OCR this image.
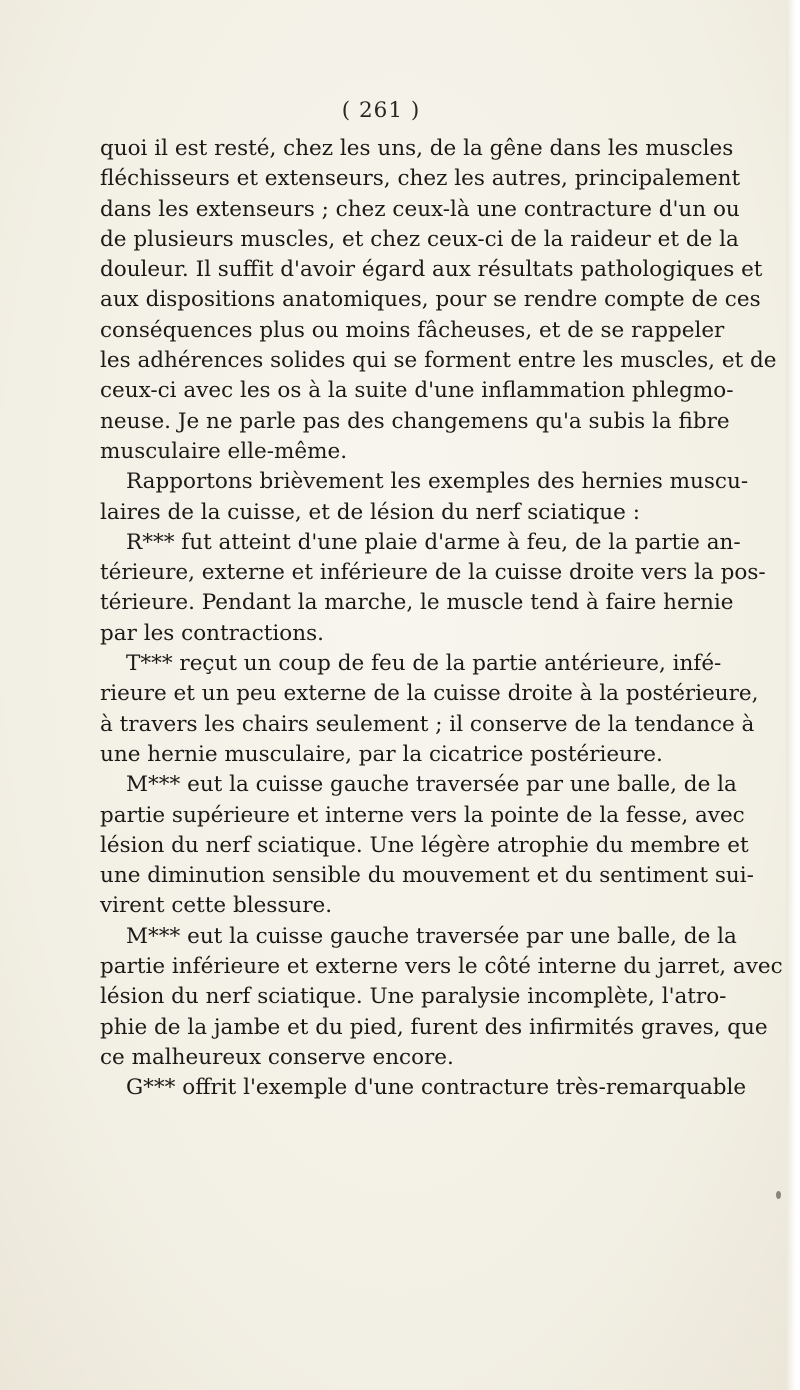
( 261 )
quoi il est resté, chez les uns, de la gêne dans les muscles
fléchisseurs et extenseurs, chez les autres, principalement
dans les extenseurs ; chez ceux-là une contracture d'un ou
de plusieurs muscles, et chez ceux-ci de la raideur et de la
douleur. Il suffit d'avoir égard aux résultats pathologiques et
aux dispositions anatomiques, pour se rendre compte de ces
conséquences plus ou moins fâcheuses, et de se rappeler
les adhérences solides qui se forment entre les muscles, et de
ceux-ci avec les os à la suite d'une inflammation phlegmo-
neuse. Je ne parle pas des changemens qu'a subis la fibre
musculaire elle-même.
Rapportons brièvement les exemples des hernies muscu-
laires de la cuisse, et de lésion du nerf sciatique :
R*** fut atteint d'une plaie d'arme à feu, de la partie an-
térieure, externe et inférieure de la cuisse droite vers la pos-
térieure. Pendant la marche, le muscle tend à faire hernie
par les contractions.
T*** reçut un coup de feu de la partie antérieure, infé-
rieure et un peu externe de la cuisse droite à la postérieure,
à travers les chairs seulement ; il conserve de la tendance à
une hernie musculaire, par la cicatrice postérieure.
M*** eut la cuisse gauche traversée par une balle, de la
partie supérieure et interne vers la pointe de la fesse, avec
lésion du nerf sciatique. Une légère atrophie du membre et
une diminution sensible du mouvement et du sentiment sui-
virent cette blessure.
M*** eut la cuisse gauche traversée par une balle, de la
partie inférieure et externe vers le côté interne du jarret, avec
lésion du nerf sciatique. Une paralysie incomplète, l'atro-
phie de la jambe et du pied, furent des infirmités graves, que
ce malheureux conserve encore.
G*** offrit l'exemple d'une contracture très-remarquable
